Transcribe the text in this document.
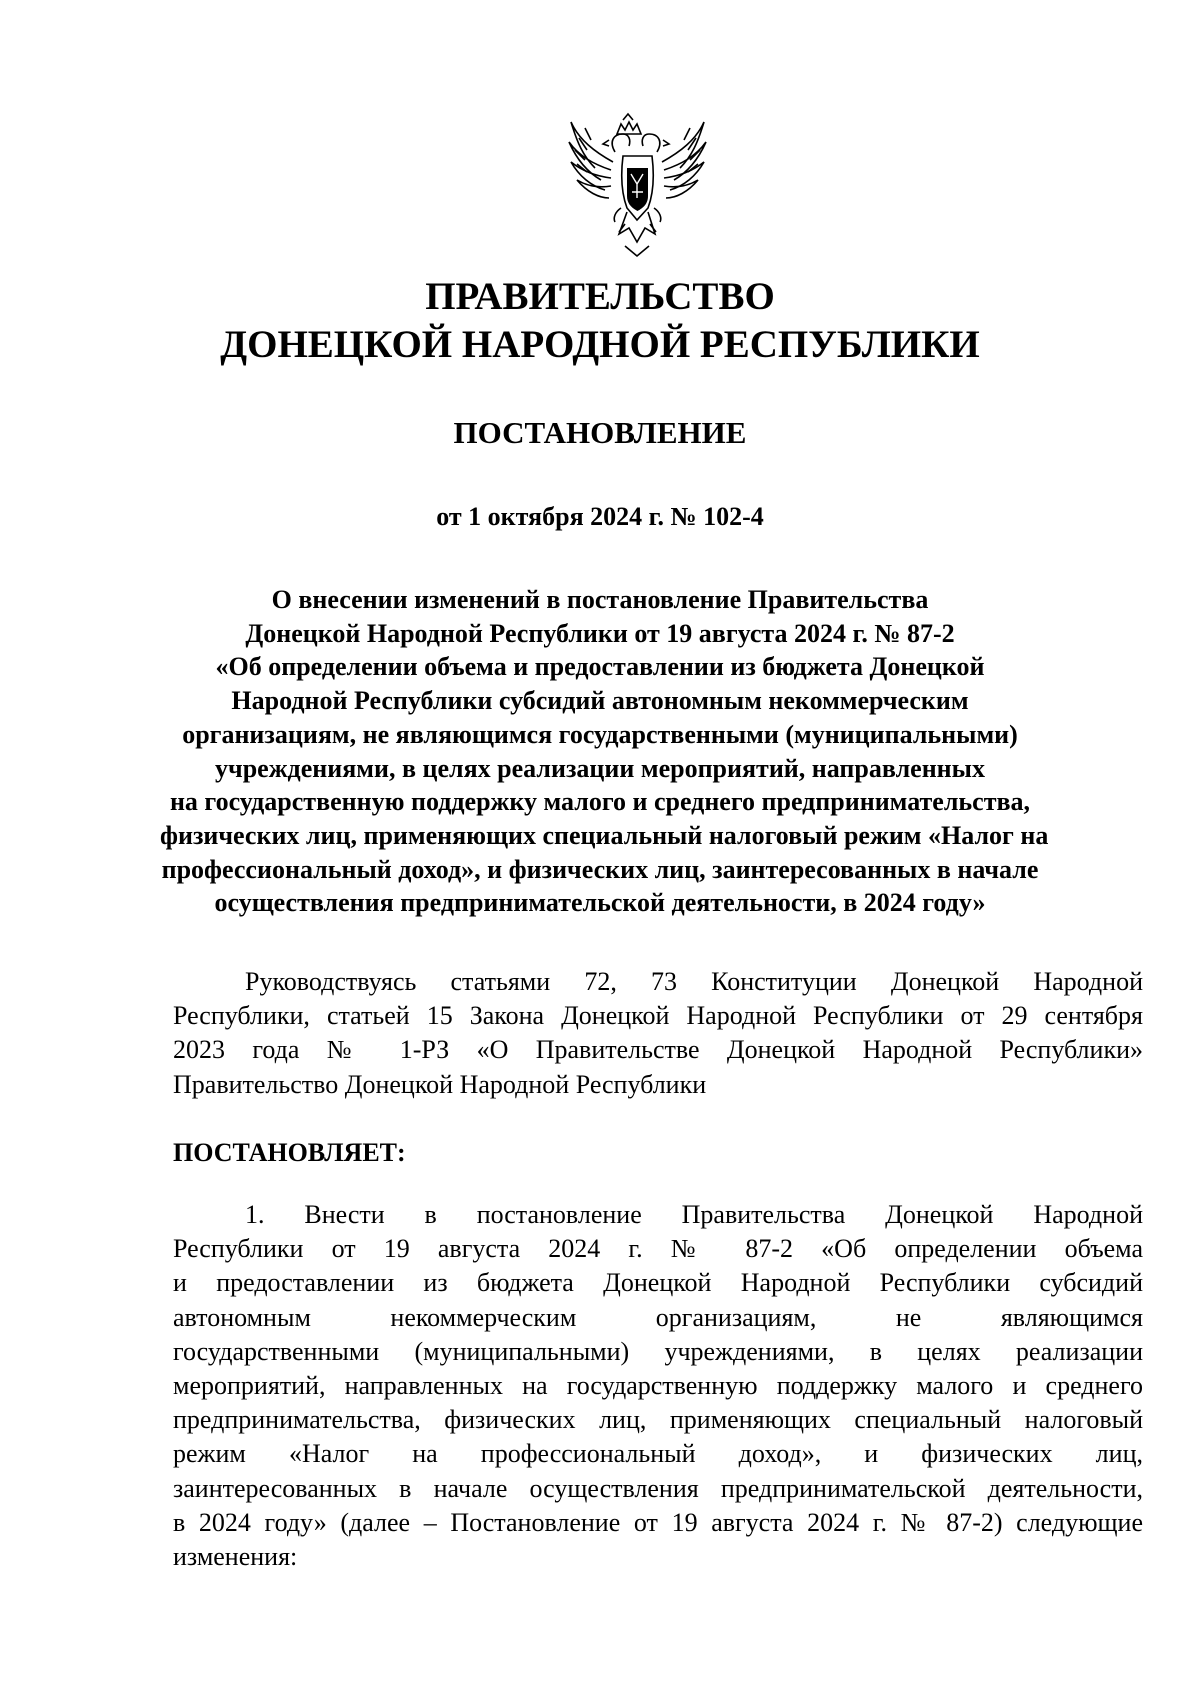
ПРАВИТЕЛЬСТВО
ДОНЕЦКОЙ НАРОДНОЙ РЕСПУБЛИКИ
ПОСТАНОВЛЕНИЕ
от 1 октября 2024 г. № 102-4
О внесении изменений в постановление Правительства
Донецкой Народной Республики от 19 августа 2024 г. № 87-2
«Об определении объема и предоставлении из бюджета Донецкой
Народной Республики субсидий автономным некоммерческим
организациям, не являющимся государственными (муниципальными)
учреждениями, в целях реализации мероприятий, направленных
на государственную поддержку малого и среднего предпринимательства,
физических лиц, применяющих специальный налоговый режим «Налог на
профессиональный доход», и физических лиц, заинтересованных в начале
осуществления предпринимательской деятельности, в 2024 году»
Руководствуясь статьями 72, 73 Конституции Донецкой Народной
Республики, статьей 15 Закона Донецкой Народной Республики от 29 сентября
2023 года № 1-РЗ «О Правительстве Донецкой Народной Республики»
Правительство Донецкой Народной Республики
ПОСТАНОВЛЯЕТ:
1. Внести в постановление Правительства Донецкой Народной
Республики от 19 августа 2024 г. № 87-2 «Об определении объема
и предоставлении из бюджета Донецкой Народной Республики субсидий
автономным некоммерческим организациям, не являющимся
государственными (муниципальными) учреждениями, в целях реализации
мероприятий, направленных на государственную поддержку малого и среднего
предпринимательства, физических лиц, применяющих специальный налоговый
режим «Налог на профессиональный доход», и физических лиц,
заинтересованных в начале осуществления предпринимательской деятельности,
в 2024 году» (далее – Постановление от 19 августа 2024 г. № 87-2) следующие
изменения:
